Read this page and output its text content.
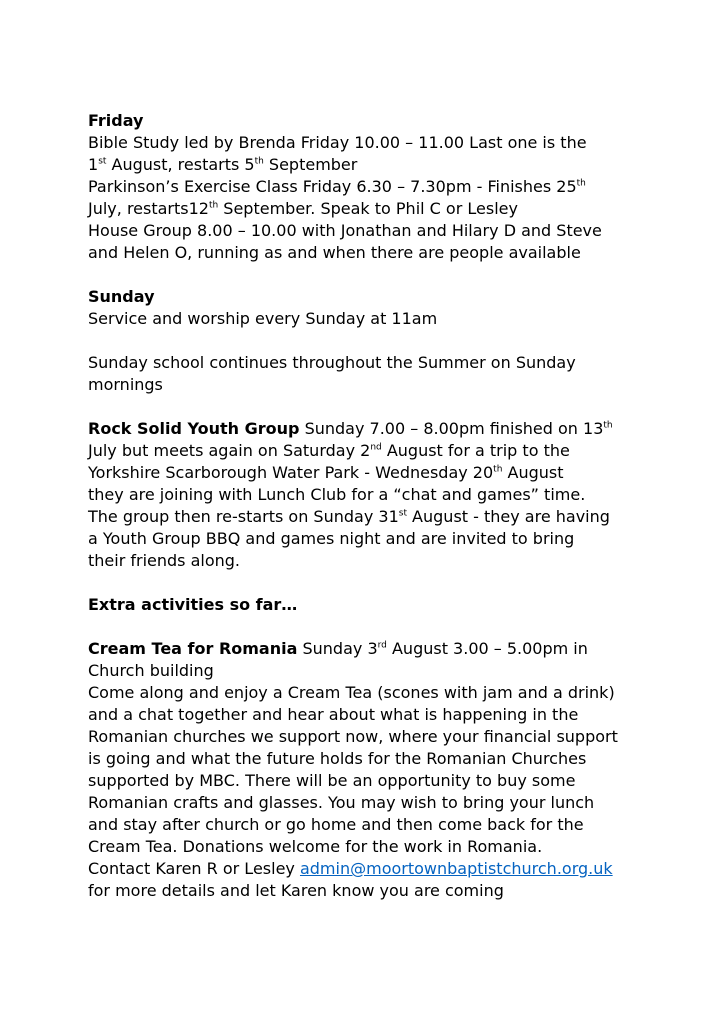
Friday
Bible Study led by Brenda Friday 10.00 – 11.00 Last one is the
1st August, restarts 5th September
Parkinson’s Exercise Class Friday 6.30 – 7.30pm - Finishes 25th
July, restarts12th September. Speak to Phil C or Lesley
House Group 8.00 – 10.00 with Jonathan and Hilary D and Steve
and Helen O, running as and when there are people available
Sunday
Service and worship every Sunday at 11am
Sunday school continues throughout the Summer on Sunday
mornings
Rock Solid Youth Group Sunday 7.00 – 8.00pm finished on 13th
July but meets again on Saturday 2nd August for a trip to the
Yorkshire Scarborough Water Park - Wednesday 20th August
they are joining with Lunch Club for a “chat and games” time.
The group then re-starts on Sunday 31st August - they are having
a Youth Group BBQ and games night and are invited to bring
their friends along.
Extra activities so far…
Cream Tea for Romania Sunday 3rd August 3.00 – 5.00pm in
Church building
Come along and enjoy a Cream Tea (scones with jam and a drink)
and a chat together and hear about what is happening in the
Romanian churches we support now, where your financial support
is going and what the future holds for the Romanian Churches
supported by MBC. There will be an opportunity to buy some
Romanian crafts and glasses. You may wish to bring your lunch
and stay after church or go home and then come back for the
Cream Tea. Donations welcome for the work in Romania.
Contact Karen R or Lesley admin@moortownbaptistchurch.org.uk
for more details and let Karen know you are coming
